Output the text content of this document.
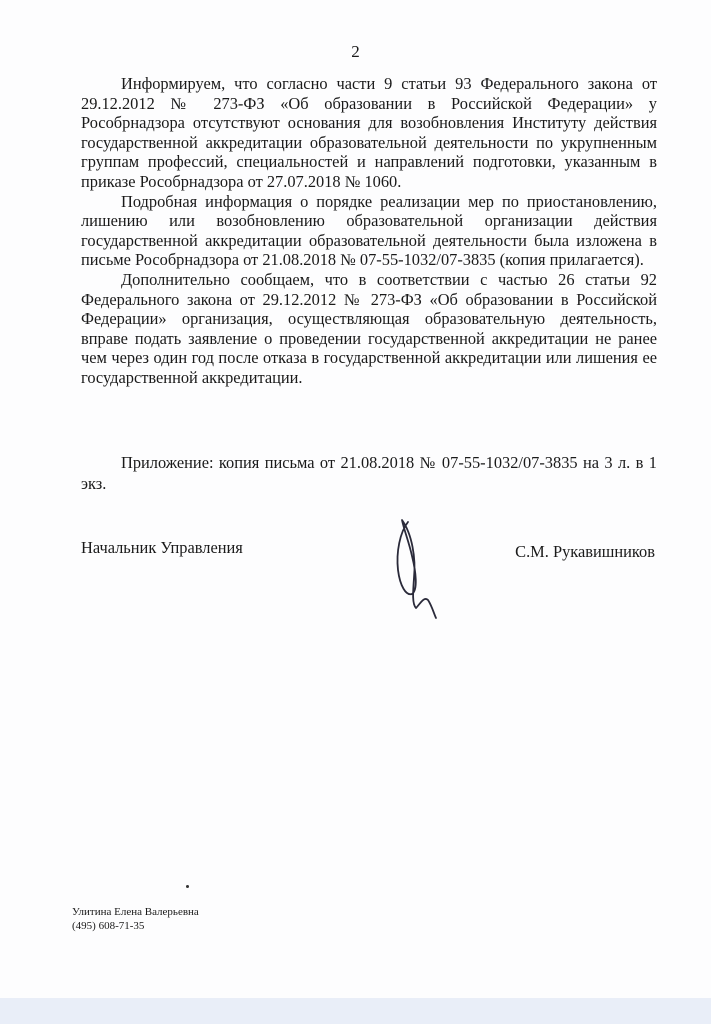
2

Информируем, что согласно части 9 статьи 93 Федерального закона от 29.12.2012 № 273-ФЗ «Об образовании в Российской Федерации» у Рособрнадзора отсутствуют основания для возобновления Институту действия государственной аккредитации образовательной деятельности по укрупненным группам профессий, специальностей и направлений подготовки, указанным в приказе Рособрнадзора от 27.07.2018 № 1060.

Подробная информация о порядке реализации мер по приостановлению, лишению или возобновлению образовательной организации действия государственной аккредитации образовательной деятельности была изложена в письме Рособрнадзора от 21.08.2018 № 07-55-1032/07-3835 (копия прилагается).

Дополнительно сообщаем, что в соответствии с частью 26 статьи 92 Федерального закона от 29.12.2012 № 273-ФЗ «Об образовании в Российской Федерации» организация, осуществляющая образовательную деятельность, вправе подать заявление о проведении государственной аккредитации не ранее чем через один год после отказа в государственной аккредитации или лишения ее государственной аккредитации.

Приложение: копия письма от 21.08.2018 № 07-55-1032/07-3835 на 3 л. в 1 экз.
Начальник Управления	С.М. Рукавишников
Улитина Елена Валерьевна
(495) 608-71-35
